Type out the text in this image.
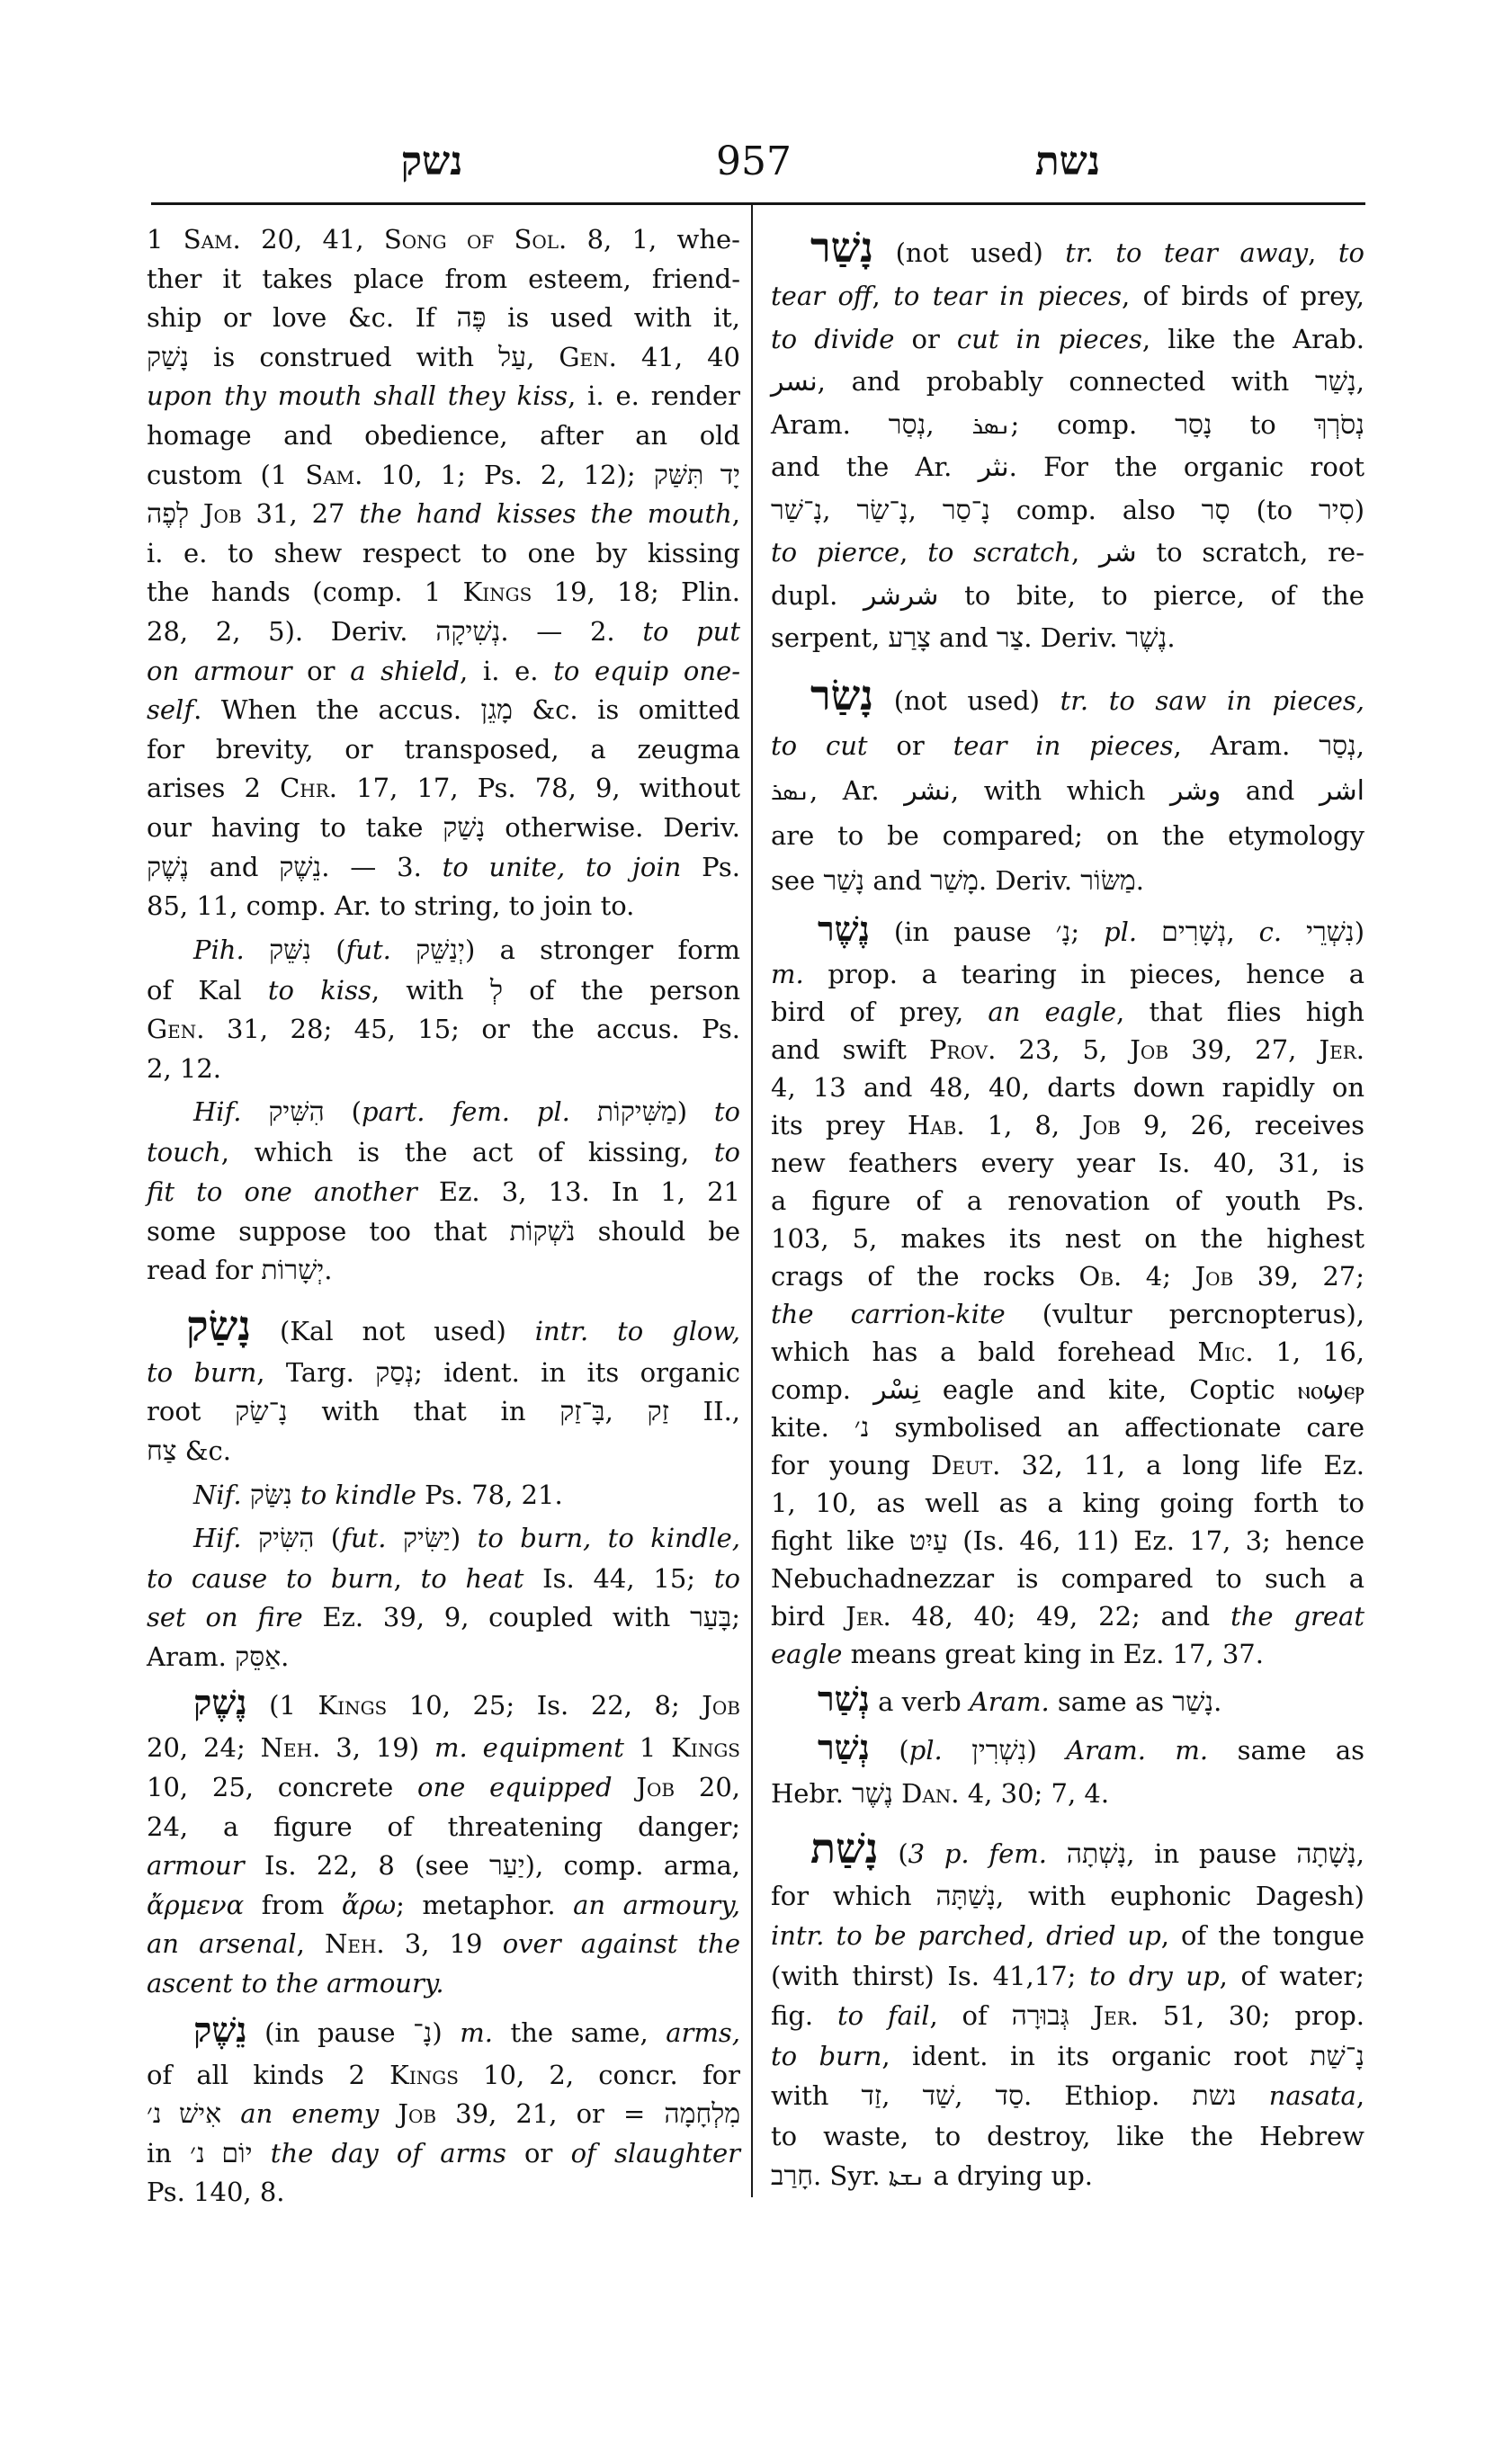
נשק	957	נשת
1 Sam. 20, 41, Song of Sol. 8, 1, whe-
ther it takes place from esteem, friend-
ship or love &c. If פֶּה is used with it,
נָשַׁק is construed with עַל, Gen. 41, 40
upon thy mouth shall they kiss, i. e. render
homage and obedience, after an old
custom (1 Sam. 10, 1; Ps. 2, 12); יָד תִּשַּׁק
לְפֶה Job 31, 27 the hand kisses the mouth,
i. e. to shew respect to one by kissing
the hands (comp. 1 Kings 19, 18; Plin.
28, 2, 5). Deriv. נְשִׁיקָה. — 2. to put
on armour or a shield, i. e. to equip one-
self. When the accus. מָגֵן &c. is omitted
for brevity, or transposed, a zeugma
arises 2 Chr. 17, 17, Ps. 78, 9, without
our having to take נָשַׁק otherwise. Deriv.
נֶשֶׁק and נֵשֶׁק. — 3. to unite, to join Ps.
85, 11, comp. Ar. to string, to join to.
Pih. נִשֵּׁק (fut. יְנַשֵּׁק) a stronger form
of Kal to kiss, with לְ of the person
Gen. 31, 28; 45, 15; or the accus. Ps.
2, 12.
Hif. הִשִּׁיק (part. fem. pl. מַשִּׁיקוֹת) to
touch, which is the act of kissing, to
fit to one another Ez. 3, 13. In 1, 21
some suppose too that נֹשְׁקוֹת should be
read for יְשָׁרוֹת.
נָשַׂק (Kal not used) intr. to glow,
to burn, Targ. נְסַק; ident. in its organic
root נָ־שַׂק with that in בָּ־זַק, זַק II.,
צַח &c.
Nif. נִשַּׂק to kindle Ps. 78, 21.
Hif. הִשִּׂיק (fut. יַשִּׂיק) to burn, to kindle,
to cause to burn, to heat Is. 44, 15; to
set on fire Ez. 39, 9, coupled with בָּעַר;
Aram. אַסֵּק.
נֶשֶׁק (1 Kings 10, 25; Is. 22, 8; Job
20, 24; Neh. 3, 19) m. equipment 1 Kings
10, 25, concrete one equipped Job 20,
24, a figure of threatening danger;
armour Is. 22, 8 (see יַעַר), comp. arma,
ἄρμενα from ἄρω; metaphor. an armoury,
an arsenal, Neh. 3, 19 over against the
ascent to the armoury.
נֵשֶׁק (in pause נָ־) m. the same, arms,
of all kinds 2 Kings 10, 2, concr. for
אִישׁ נ׳ an enemy Job 39, 21, or = מִלְחָמָה
in יוֹם נ׳ the day of arms or of slaughter
Ps. 140, 8.
נָשַׁר (not used) tr. to tear away, to
tear off, to tear in pieces, of birds of prey,
to divide or cut in pieces, like the Arab.
نسر, and probably connected with נָשַׁר,
Aram. נְסַר, ܢܣܪ; comp. נָסַר to נְסֹרְךְ
and the Ar. نثر. For the organic root
נָ־שַׁר, נָ־שַׂר, נָ־סַר comp. also סָר (to סִיר)
to pierce, to scratch, شر to scratch, re-
dupl. شرشر to bite, to pierce, of the
serpent, צָרַע and צַר. Deriv. נֶשֶׁר.
נָשַׂר (not used) tr. to saw in pieces,
to cut or tear in pieces, Aram. נְסַר,
ܢܣܪ, Ar. نشر, with which وشر and اشر
are to be compared; on the etymology
see נָשַׁר and מָשַׁר. Deriv. מַשּׂוֹר.
נֶשֶׁר (in pause נָ׳; pl. נְשָׁרִים, c. נִשְׁרֵי)
m. prop. a tearing in pieces, hence a
bird of prey, an eagle, that flies high
and swift Prov. 23, 5, Job 39, 27, Jer.
4, 13 and 48, 40, darts down rapidly on
its prey Hab. 1, 8, Job 9, 26, receives
new feathers every year Is. 40, 31, is
a figure of a renovation of youth Ps.
103, 5, makes its nest on the highest
crags of the rocks Ob. 4; Job 39, 27;
the carrion-kite (vultur percnopterus),
which has a bald forehead Mic. 1, 16,
comp. نِسْر eagle and kite, Coptic ⲛⲟϣⲉⲣ
kite. נ׳ symbolised an affectionate care
for young Deut. 32, 11, a long life Ez.
1, 10, as well as a king going forth to
fight like עַיִט (Is. 46, 11) Ez. 17, 3; hence
Nebuchadnezzar is compared to such a
bird Jer. 48, 40; 49, 22; and the great
eagle means great king in Ez. 17, 37.
נְשַׁר a verb Aram. same as נָשַׁר.
נְשַׁר (pl. נִשְׁרִין) Aram. m. same as
Hebr. נֶשֶׁר Dan. 4, 30; 7, 4.
נָשַׁת (3 p. fem. נָשְׁתָה, in pause נָשָׁתָה,
for which נָשַׁתָּה, with euphonic Dagesh)
intr. to be parched, dried up, of the tongue
(with thirst) Is. 41,17; to dry up, of water;
fig. to fail, of גְּבוּרָה Jer. 51, 30; prop.
to burn, ident. in its organic root נָ־שַׁת
with זַד, שַׁד, סַד. Ethiop. נשת nasata,
to waste, to destroy, like the Hebrew
חָרַב. Syr. ܢܫܬܐ a drying up.
